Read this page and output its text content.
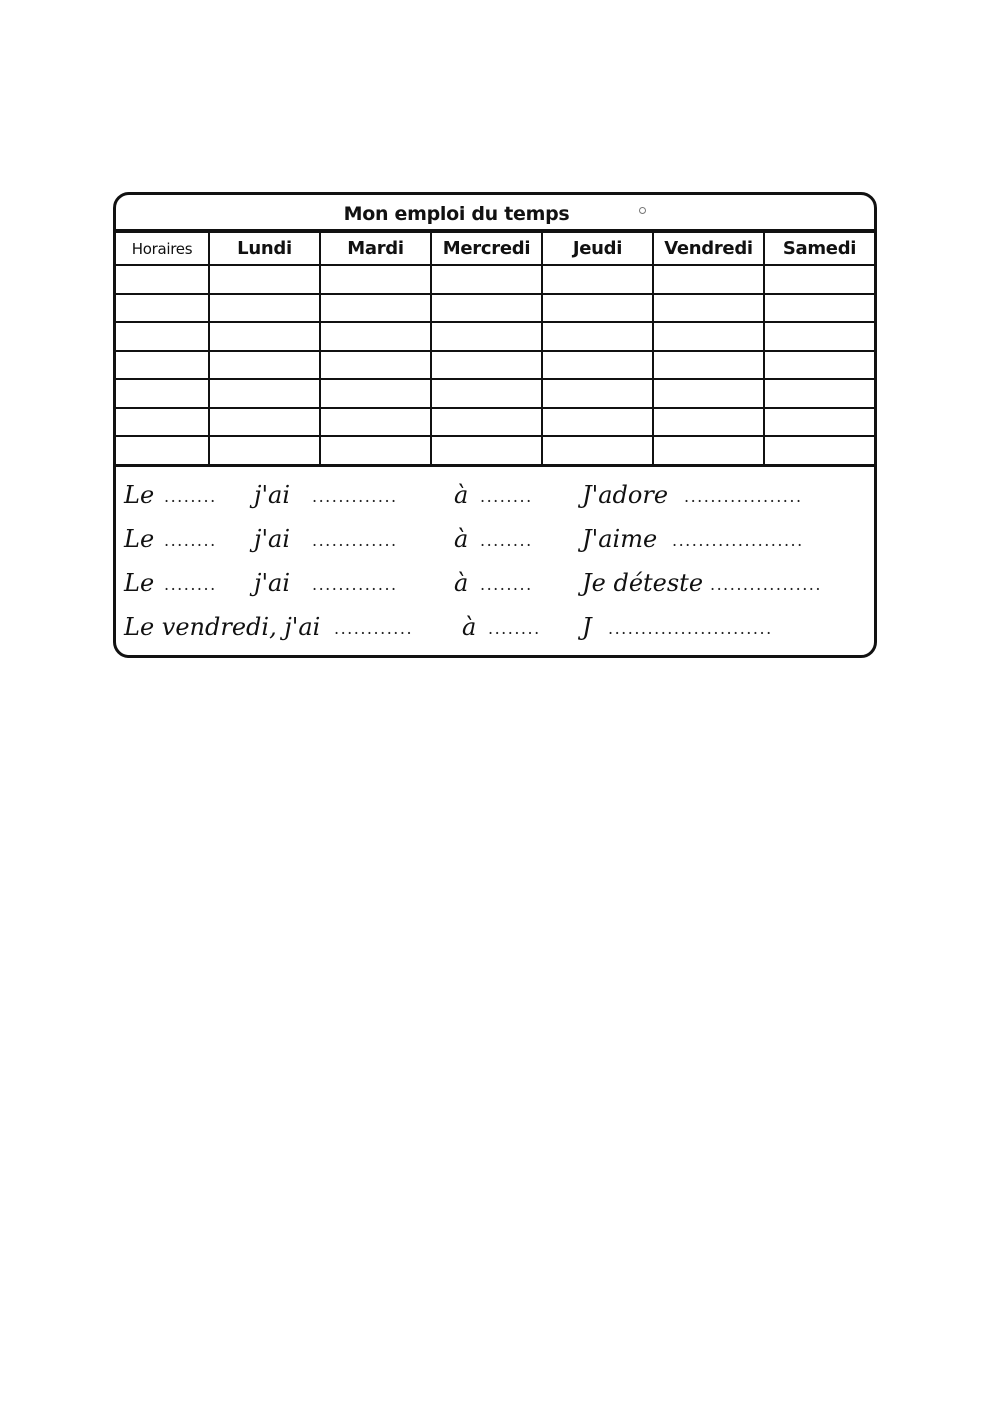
Mon emploi du temps
Horaires	Lundi	Mardi	Mercredi	Jeudi	Vendredi	Samedi

Le ........ j'ai ............. à ........ J'adore ..................
Le ........ j'ai ............. à ........ J'aime ....................
Le ........ j'ai ............. à ........ Je déteste .................
Le vendredi, j'ai ............ à ........ J .........................
